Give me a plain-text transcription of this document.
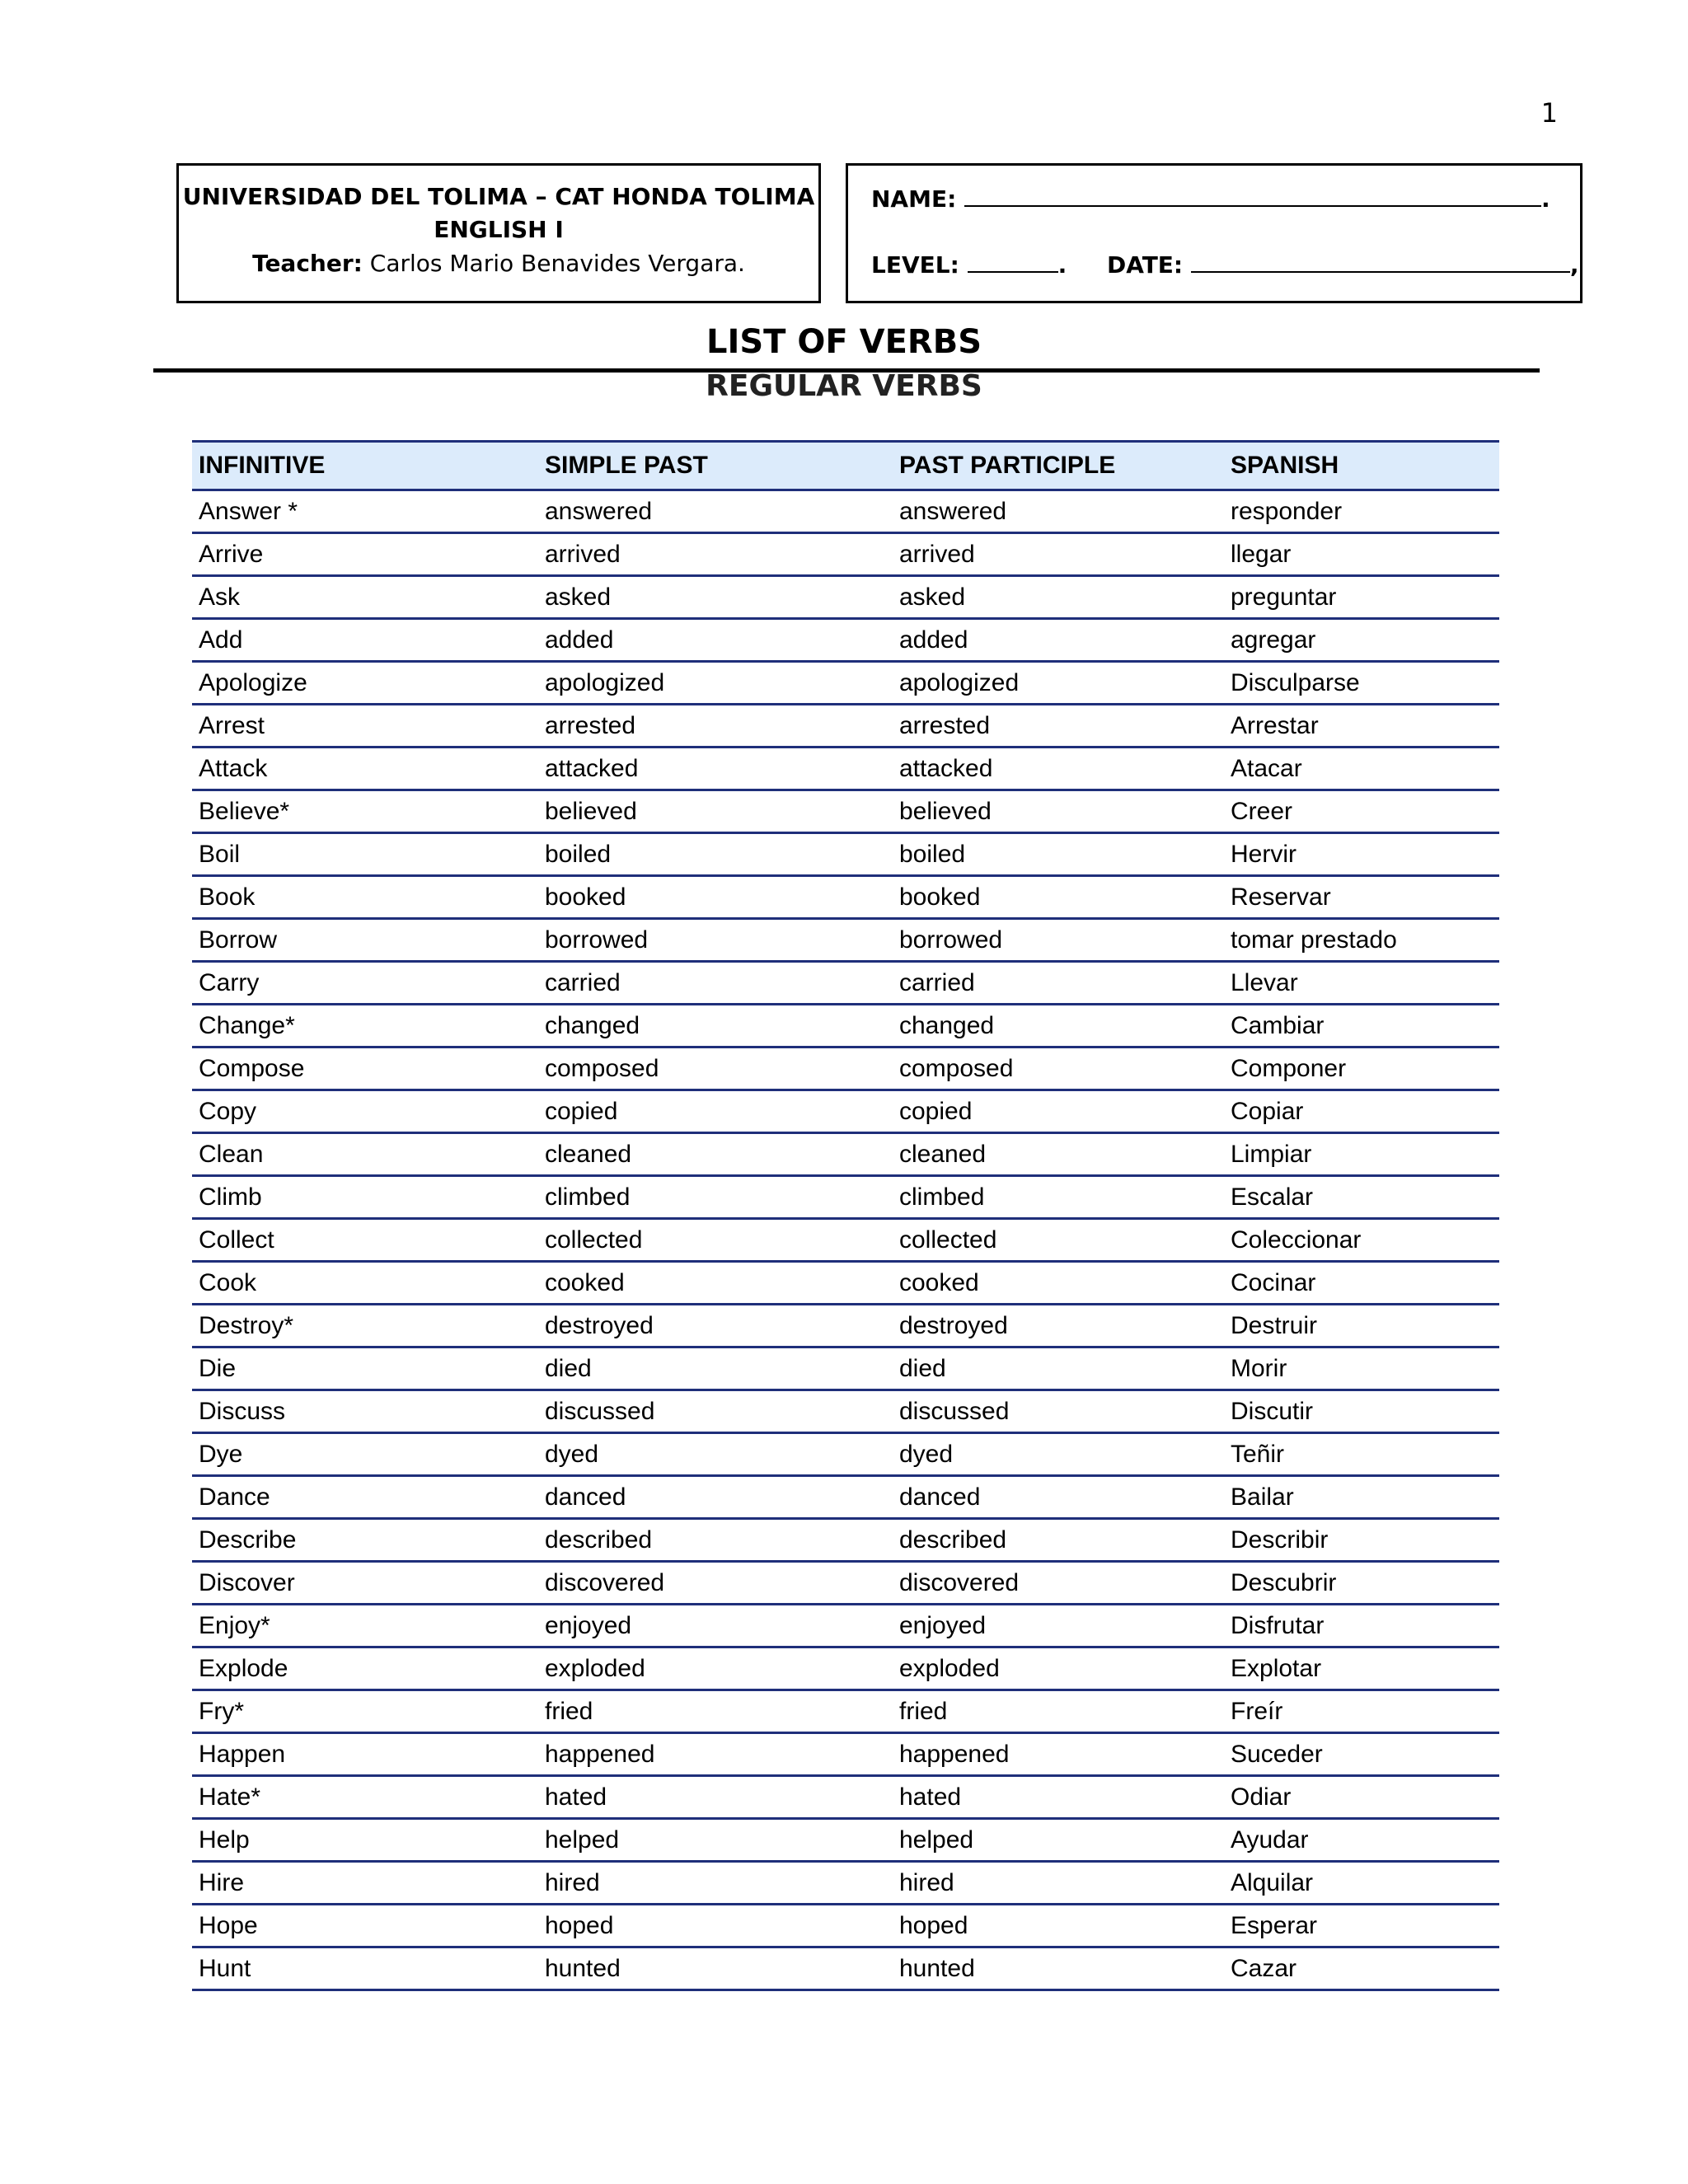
1
UNIVERSIDAD DEL TOLIMA – CAT HONDA TOLIMA
ENGLISH I
Teacher: Carlos Mario Benavides Vergara.
NAME:	.
LEVEL:	. DATE:	,
LIST OF VERBS
REGULAR VERBS
INFINITIVE	SIMPLE PAST	PAST PARTICIPLE	SPANISH
Answer *	answered	answered	responder
Arrive	arrived	arrived	llegar
Ask	asked	asked	preguntar
Add	added	added	agregar
Apologize	apologized	apologized	Disculparse
Arrest	arrested	arrested	Arrestar
Attack	attacked	attacked	Atacar
Believe*	believed	believed	Creer
Boil	boiled	boiled	Hervir
Book	booked	booked	Reservar
Borrow	borrowed	borrowed	tomar prestado
Carry	carried	carried	Llevar
Change*	changed	changed	Cambiar
Compose	composed	composed	Componer
Copy	copied	copied	Copiar
Clean	cleaned	cleaned	Limpiar
Climb	climbed	climbed	Escalar
Collect	collected	collected	Coleccionar
Cook	cooked	cooked	Cocinar
Destroy*	destroyed	destroyed	Destruir
Die	died	died	Morir
Discuss	discussed	discussed	Discutir
Dye	dyed	dyed	Teñir
Dance	danced	danced	Bailar
Describe	described	described	Describir
Discover	discovered	discovered	Descubrir
Enjoy*	enjoyed	enjoyed	Disfrutar
Explode	exploded	exploded	Explotar
Fry*	fried	fried	Freír
Happen	happened	happened	Suceder
Hate*	hated	hated	Odiar
Help	helped	helped	Ayudar
Hire	hired	hired	Alquilar
Hope	hoped	hoped	Esperar
Hunt	hunted	hunted	Cazar
